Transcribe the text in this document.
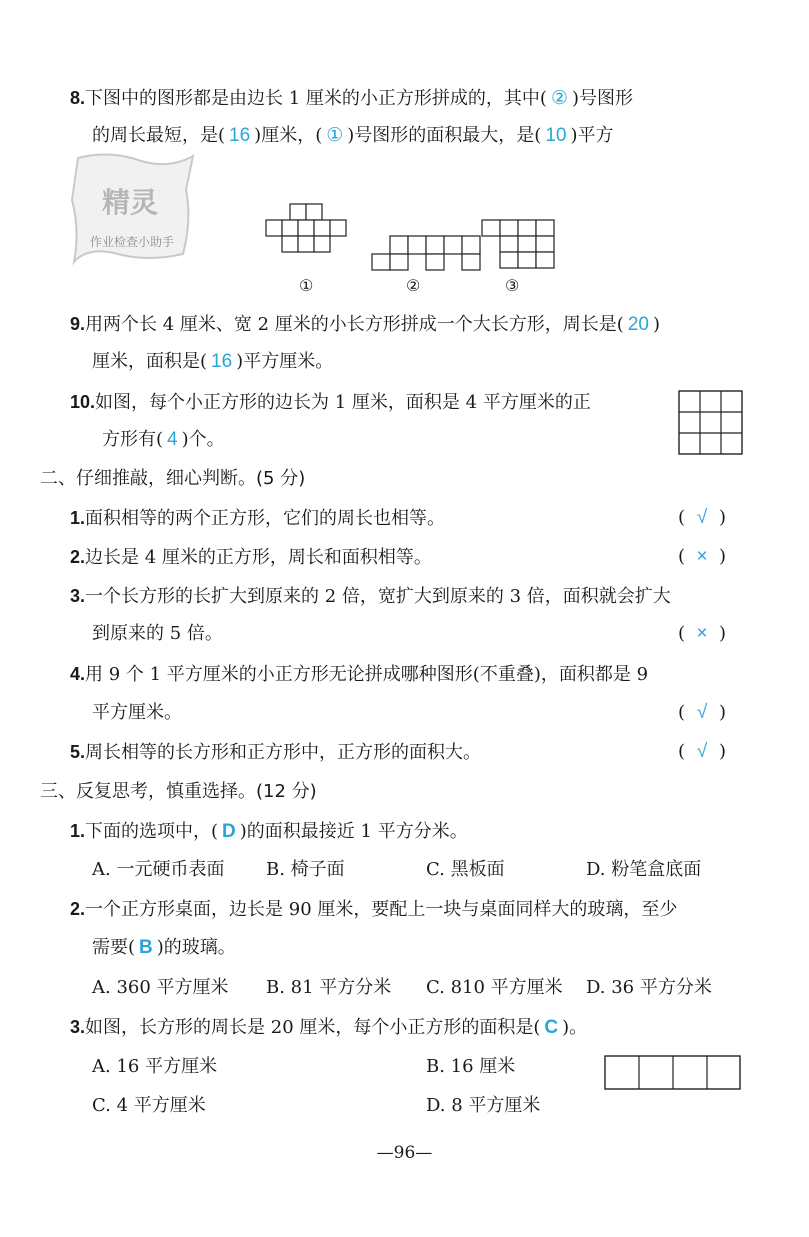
8.下图中的图形都是由边长 1 厘米的小正方形拼成的，其中( ② )号图形
的周长最短，是( 16 )厘米，( ① )号图形的面积最大，是( 10 )平方
精灵
作业检查小助手
①	②	③
9.用两个长 4 厘米、宽 2 厘米的小长方形拼成一个大长方形，周长是( 20 )
厘米，面积是( 16 )平方厘米。
10.如图，每个小正方形的边长为 1 厘米，面积是 4 平方厘米的正
方形有( 4 )个。
二、仔细推敲，细心判断。(5 分)
1.面积相等的两个正方形，它们的周长也相等。	( √ )
2.边长是 4 厘米的正方形，周长和面积相等。	( × )
3.一个长方形的长扩大到原来的 2 倍，宽扩大到原来的 3 倍，面积就会扩大
到原来的 5 倍。	( × )
4.用 9 个 1 平方厘米的小正方形无论拼成哪种图形(不重叠)，面积都是 9
平方厘米。	( √ )
5.周长相等的长方形和正方形中，正方形的面积大。	( √ )
三、反复思考，慎重选择。(12 分)
1.下面的选项中，( D )的面积最接近 1 平方分米。
A. 一元硬币表面 B. 椅子面	C. 黑板面	D. 粉笔盒底面
2.一个正方形桌面，边长是 90 厘米，要配上一块与桌面同样大的玻璃，至少
需要( B )的玻璃。
A. 360 平方厘米 B. 81 平方分米 C. 810 平方厘米 D. 36 平方分米
3.如图，长方形的周长是 20 厘米，每个小正方形的面积是( C )。
A. 16 平方厘米	B. 16 厘米
C. 4 平方厘米	D. 8 平方厘米
—96—
